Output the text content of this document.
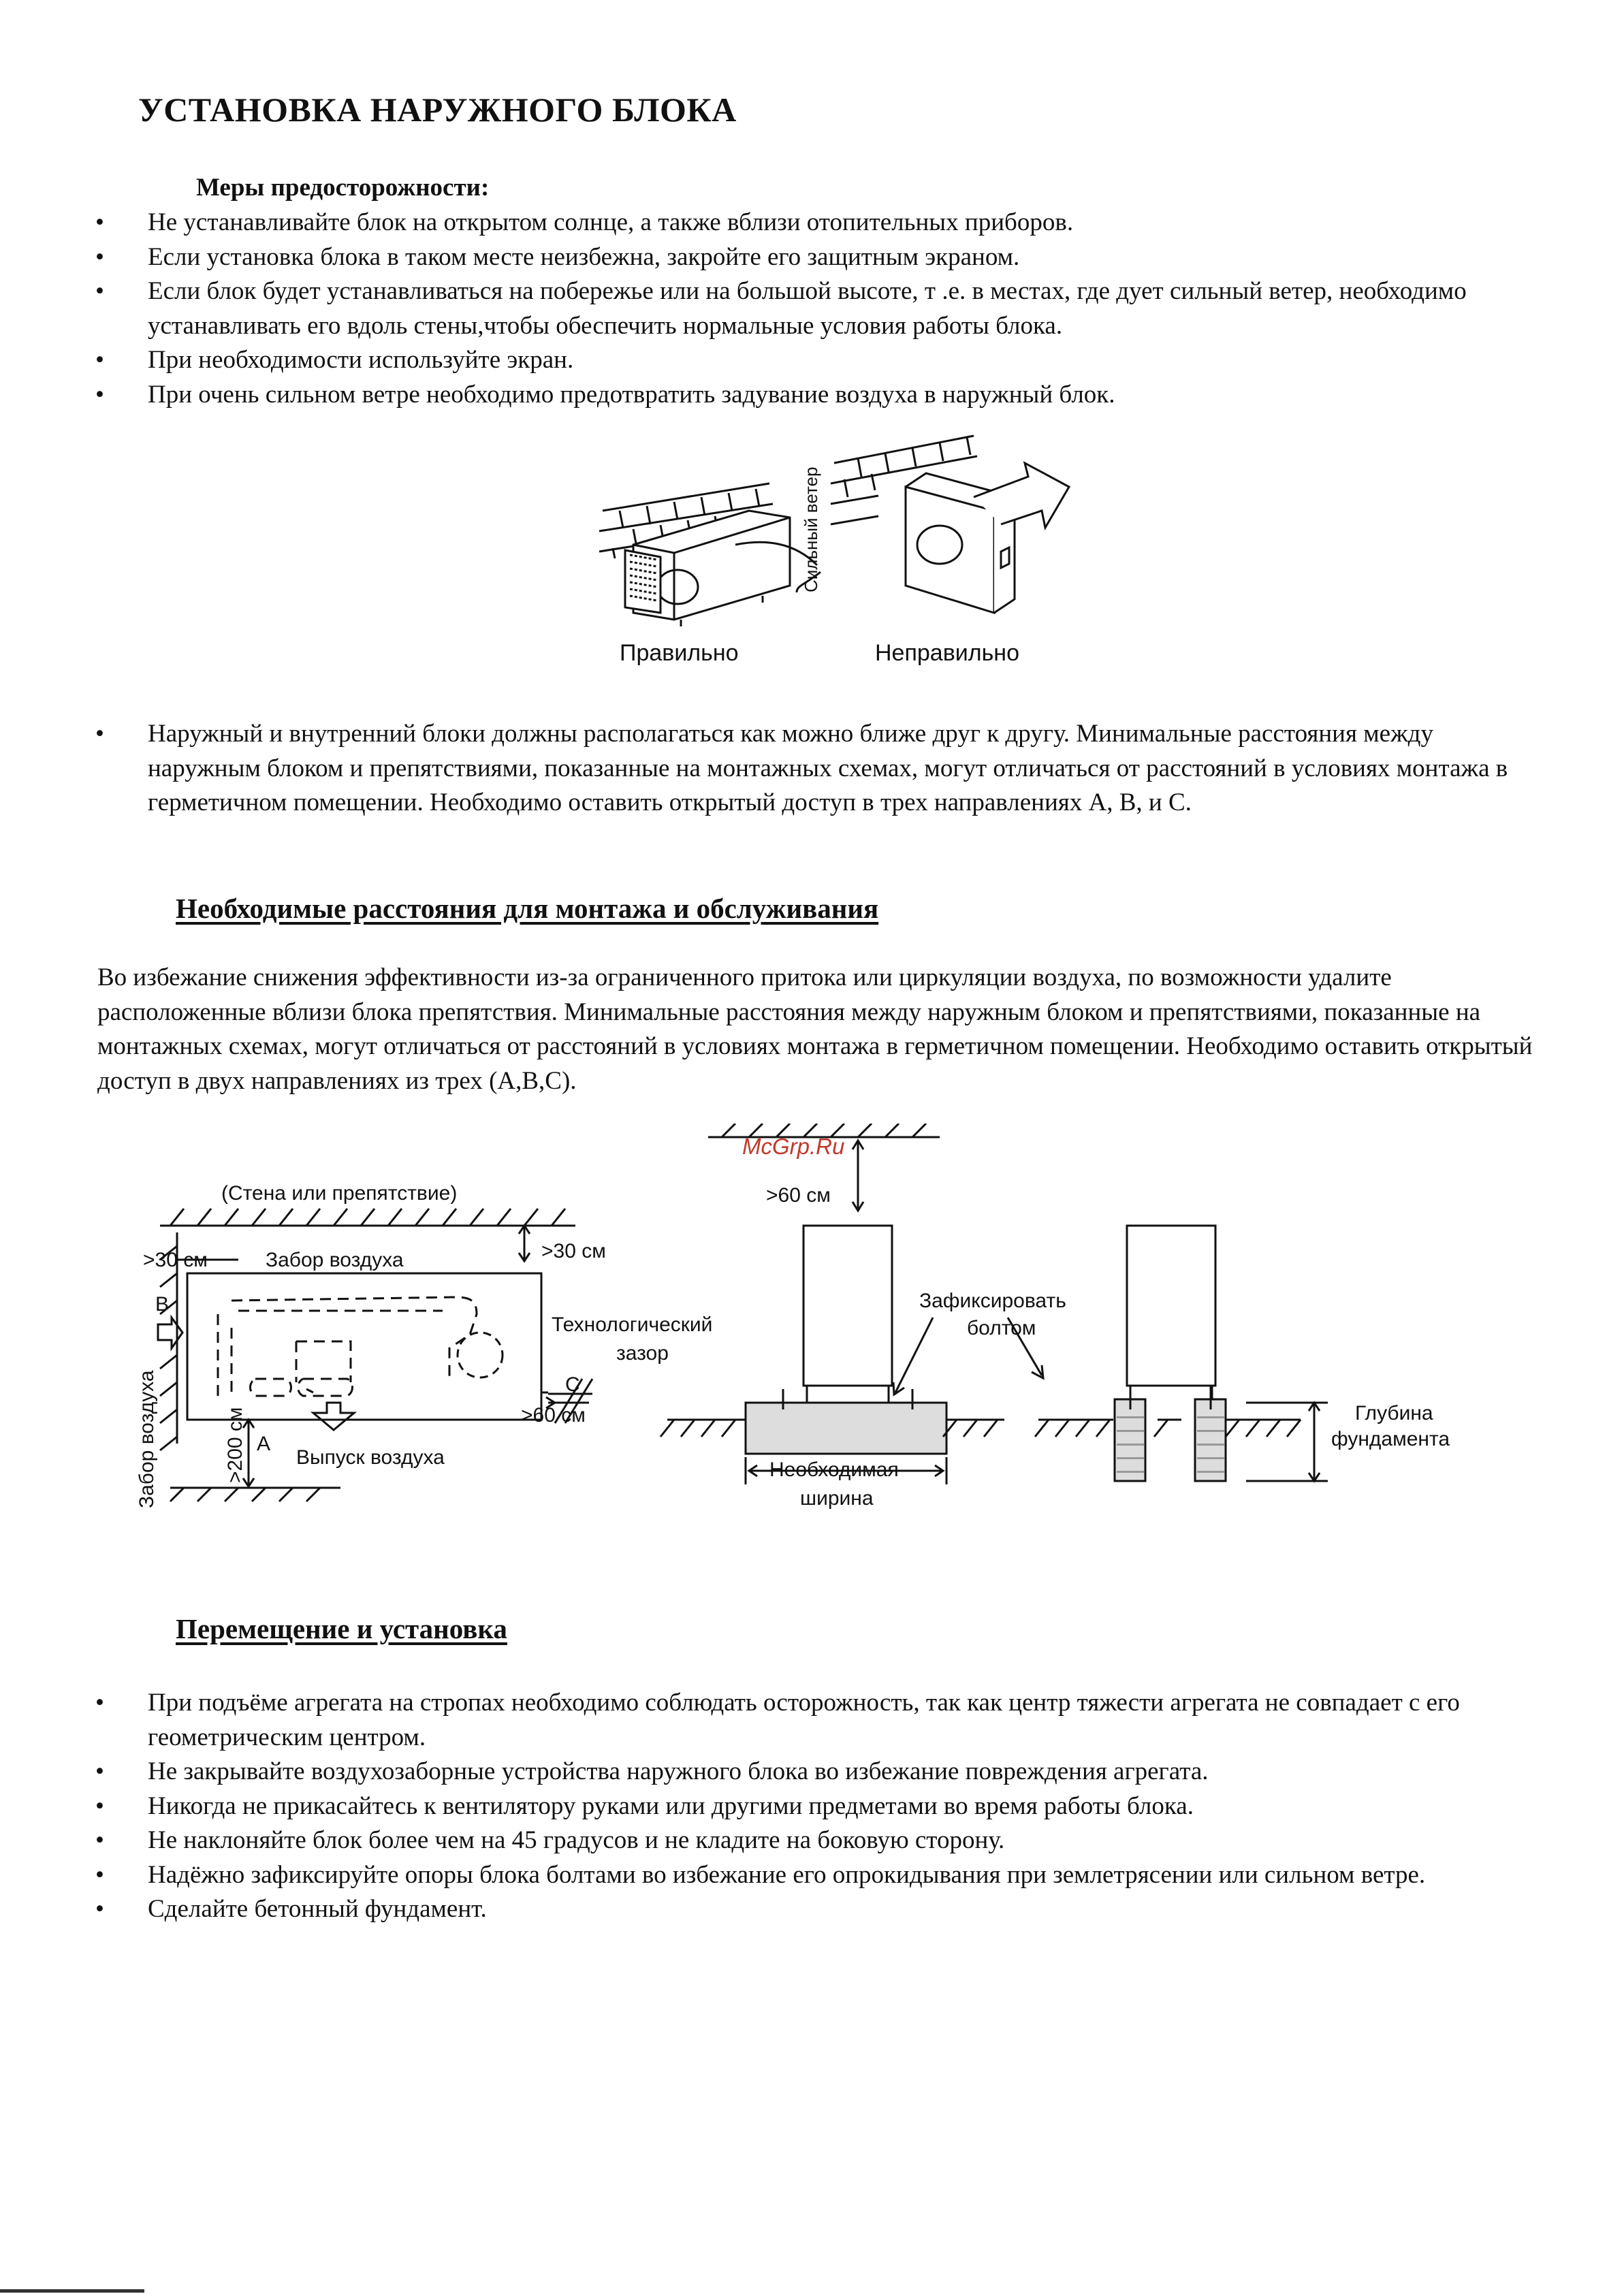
УСТАНОВКА НАРУЖНОГО БЛОКА
Меры предосторожности:
• Не устанавливайте блок на открытом солнце, а также вблизи отопительных приборов.
• Если установка блока в таком месте неизбежна, закройте его защитным экраном.
• Если блок будет устанавливаться на побережье или на большой высоте, т .е. в местах, где дует сильный ветер, необходимо устанавливать его вдоль стены,чтобы обеспечить нормальные условия работы блока.
• При необходимости используйте экран.
• При очень сильном ветре необходимо предотвратить задувание воздуха в наружный блок.
Сильный ветер
Правильно	Неправильно
• Наружный и внутренний блоки должны располагаться как можно ближе друг к другу. Минимальные расстояния между наружным блоком и препятствиями, показанные на монтажных схемах, могут отличаться от расстояний в условиях монтажа в герметичном помещении. Необходимо оставить открытый доступ в трех направлениях A, B, и C.
Необходимые расстояния для монтажа и обслуживания
Во избежание снижения эффективности из-за ограниченного притока или циркуляции воздуха, по возможности удалите расположенные вблизи блока препятствия. Минимальные расстояния между наружным блоком и препятствиями, показанные на монтажных схемах, могут отличаться от расстояний в условиях монтажа в герметичном помещении. Необходимо оставить открытый доступ в двух направлениях из трех (A,B,C).
McGrp.Ru
(Стена или препятствие)
>30 см	Забор воздуха	>30 см
B
Технологический
зазор
C
>60 см
Забор воздуха	>200 см A
Выпуск воздуха
>60 см
Зафиксировать
болтом
Необходимая
ширина
Глубина
фундамента
Перемещение и установка
• При подъёме агрегата на стропах необходимо соблюдать осторожность, так как центр тяжести агрегата не совпадает с его геометрическим центром.
• Не закрывайте воздухозаборные устройства наружного блока во избежание повреждения агрегата.
• Никогда не прикасайтесь к вентилятору руками или другими предметами во время работы блока.
• Не наклоняйте блок более чем на 45 градусов и не кладите на боковую сторону.
• Надёжно зафиксируйте опоры блока болтами во избежание его опрокидывания при землетрясении или сильном ветре.
• Сделайте бетонный фундамент.
